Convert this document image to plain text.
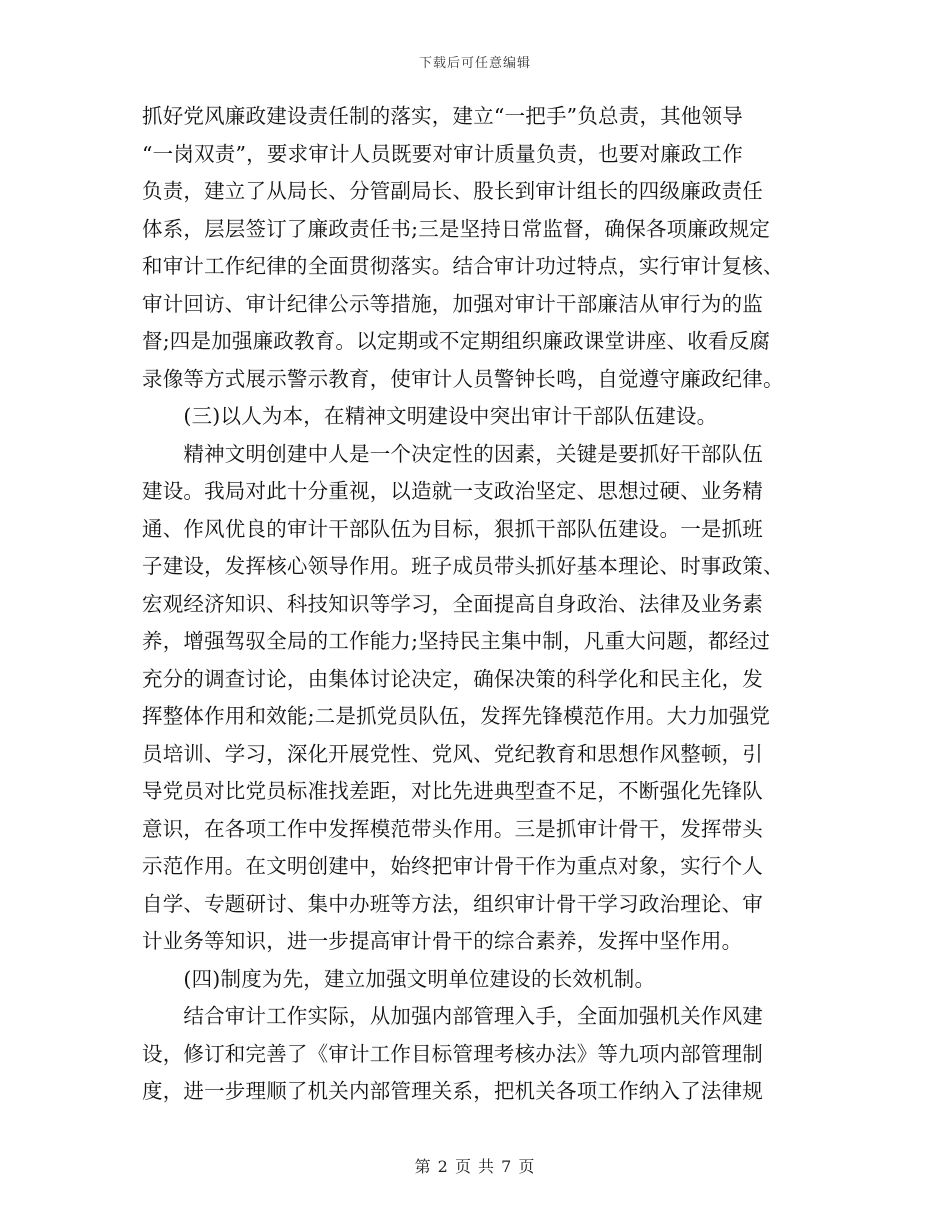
下载后可任意编辑
抓好党风廉政建设责任制的落实，建立“一把手”负总责，其他领导
“一岗双责”，要求审计人员既要对审计质量负责，也要对廉政工作
负责，建立了从局长、分管副局长、股长到审计组长的四级廉政责任
体系，层层签订了廉政责任书;三是坚持日常监督，确保各项廉政规定
和审计工作纪律的全面贯彻落实。结合审计功过特点，实行审计复核、
审计回访、审计纪律公示等措施，加强对审计干部廉洁从审行为的监
督;四是加强廉政教育。以定期或不定期组织廉政课堂讲座、收看反腐
录像等方式展示警示教育，使审计人员警钟长鸣，自觉遵守廉政纪律。
　　(三)以人为本，在精神文明建设中突出审计干部队伍建设。
　　精神文明创建中人是一个决定性的因素，关键是要抓好干部队伍
建设。我局对此十分重视，以造就一支政治坚定、思想过硬、业务精
通、作风优良的审计干部队伍为目标，狠抓干部队伍建设。一是抓班
子建设，发挥核心领导作用。班子成员带头抓好基本理论、时事政策、
宏观经济知识、科技知识等学习，全面提高自身政治、法律及业务素
养，增强驾驭全局的工作能力;坚持民主集中制，凡重大问题，都经过
充分的调查讨论，由集体讨论决定，确保决策的科学化和民主化，发
挥整体作用和效能;二是抓党员队伍，发挥先锋模范作用。大力加强党
员培训、学习，深化开展党性、党风、党纪教育和思想作风整顿，引
导党员对比党员标准找差距，对比先进典型查不足，不断强化先锋队
意识，在各项工作中发挥模范带头作用。三是抓审计骨干，发挥带头
示范作用。在文明创建中，始终把审计骨干作为重点对象，实行个人
自学、专题研讨、集中办班等方法，组织审计骨干学习政治理论、审
计业务等知识，进一步提高审计骨干的综合素养，发挥中坚作用。
　　(四)制度为先，建立加强文明单位建设的长效机制。
　　结合审计工作实际，从加强内部管理入手，全面加强机关作风建
设，修订和完善了《审计工作目标管理考核办法》等九项内部管理制
度，进一步理顺了机关内部管理关系，把机关各项工作纳入了法律规
第 2 页 共 7 页
